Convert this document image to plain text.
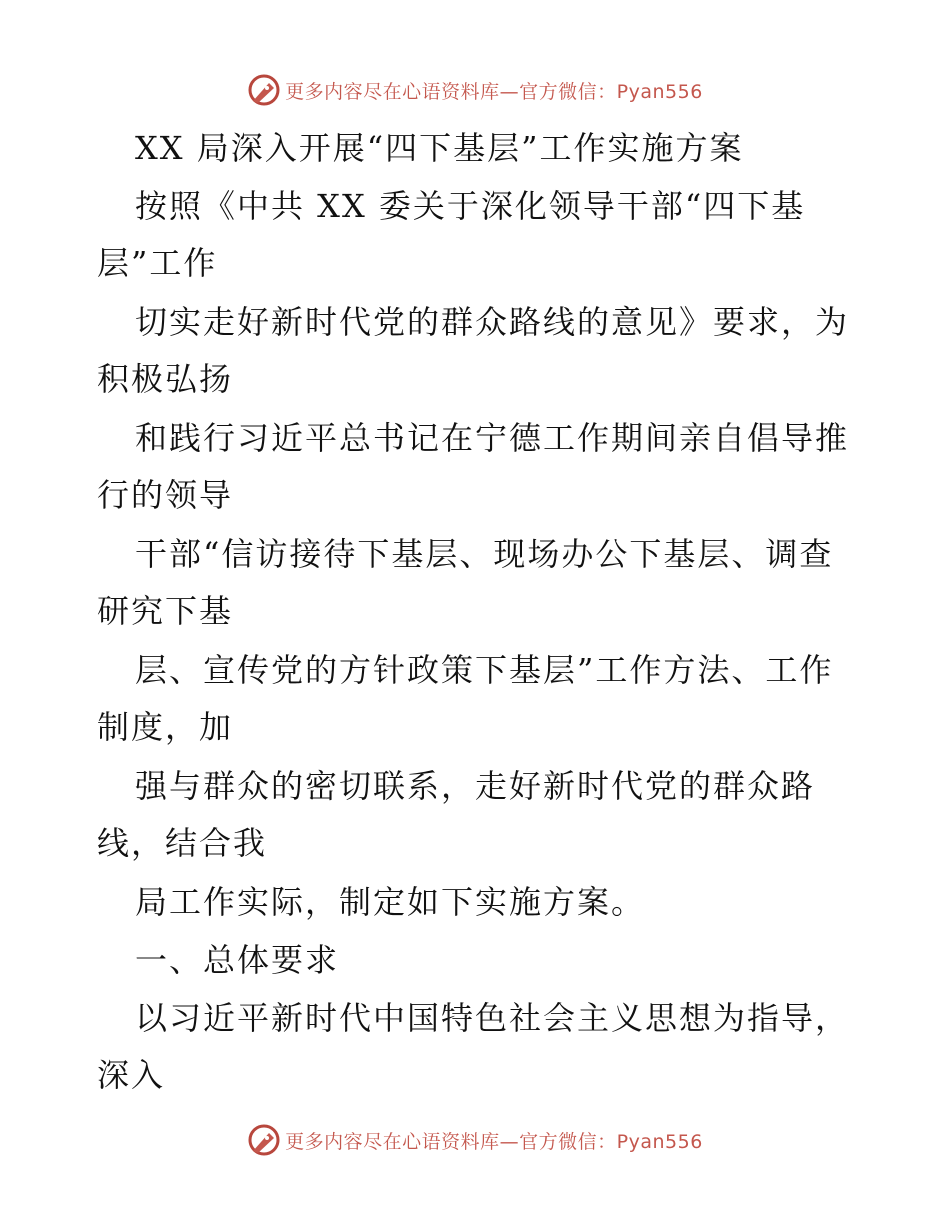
更多内容尽在心语资料库—官方微信：Pyan556
XX 局深入开展“四下基层”工作实施方案
按照《中共 XX 委关于深化领导干部“四下基
层”工作
切实走好新时代党的群众路线的意见》要求，为
积极弘扬
和践行习近平总书记在宁德工作期间亲自倡导推
行的领导
干部“信访接待下基层、现场办公下基层、调查
研究下基
层、宣传党的方针政策下基层”工作方法、工作
制度，加
强与群众的密切联系，走好新时代党的群众路
线，结合我
局工作实际，制定如下实施方案。
一、总体要求
以习近平新时代中国特色社会主义思想为指导，
深入
更多内容尽在心语资料库—官方微信：Pyan556
